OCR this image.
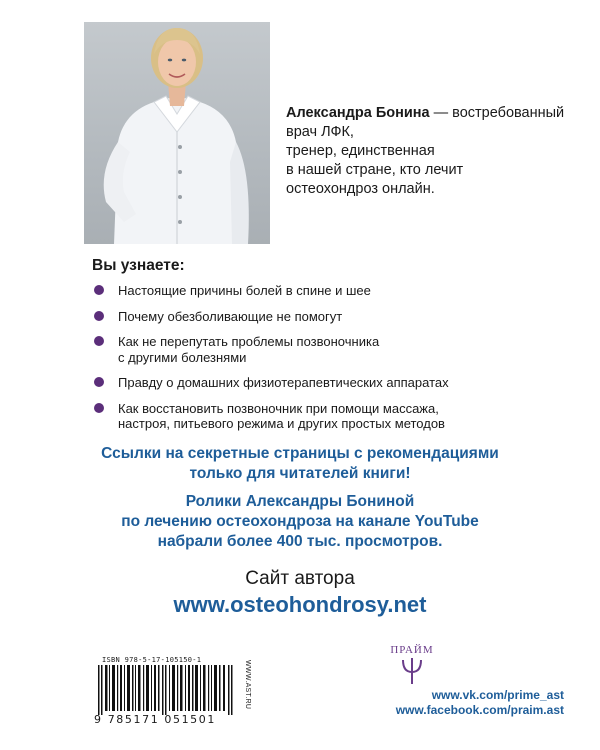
Александра Бонина — востребованный врач ЛФК,
тренер, единственная
в нашей стране, кто лечит
остеохондроз онлайн.
Вы узнаете:
Настоящие причины болей в спине и шее
Почему обезболивающие не помогут
Как не перепутать проблемы позвоночника
с другими болезнями
Правду о домашних физиотерапевтических аппаратах
Как восстановить позвоночник при помощи массажа,
настроя, питьевого режима и других простых методов
Ссылки на секретные страницы с рекомендациями
только для читателей книги!
Ролики Александры Бониной
по лечению остеохондроза на канале YouTube
набрали более 400 тыс. просмотров.
Сайт автора
www.osteohondrosy.net
ISBN 978-5-17-105150-1
9 785171 051501
WWW.AST.RU
ПРАЙМ
www.vk.com/prime_ast
www.facebook.com/praim.ast
